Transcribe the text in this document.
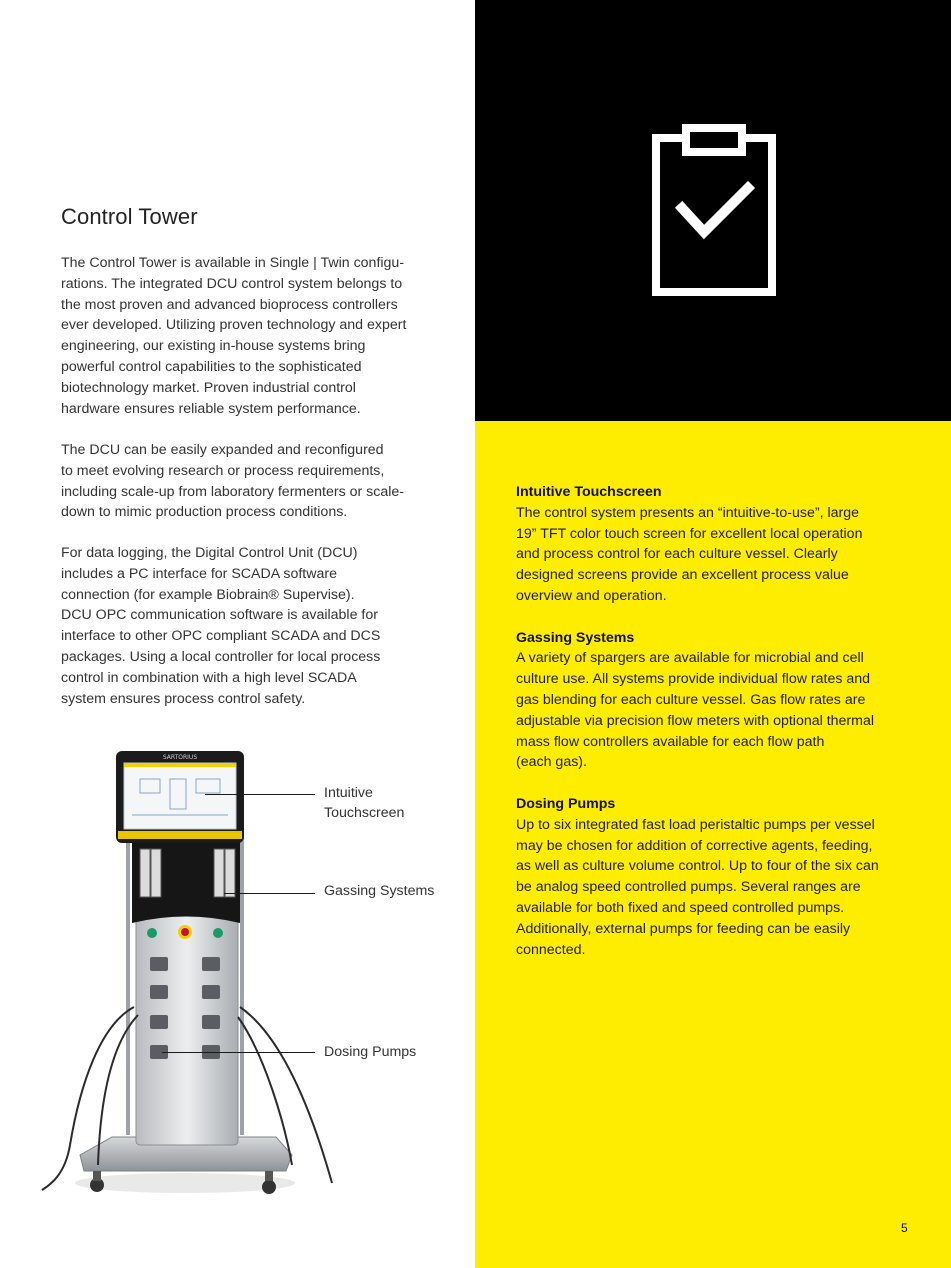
Control Tower

The Control Tower is available in Single | Twin configu-
rations. The integrated DCU control system belongs to
the most proven and advanced bioprocess controllers
ever developed. Utilizing proven technology and expert
engineering, our existing in-house systems bring
powerful control capabilities to the sophisticated
biotechnology market. Proven industrial control
hardware ensures reliable system performance.

The DCU can be easily expanded and reconfigured
to meet evolving research or process requirements,
including scale-up from laboratory fermenters or scale-
down to mimic production process conditions.

For data logging, the Digital Control Unit (DCU)
includes a PC interface for SCADA software
connection (for example Biobrain® Supervise).
DCU OPC communication software is available for
interface to other OPC compliant SCADA and DCS
packages. Using a local controller for local process
control in combination with a high level SCADA
system ensures process control safety.

SARTORIUS

Intuitive
Touchscreen

Gassing Systems

Dosing Pumps

Intuitive Touchscreen

The control system presents an “intuitive-to-use”, large
19” TFT color touch screen for excellent local operation
and process control for each culture vessel. Clearly
designed screens provide an excellent process value
overview and operation.

Gassing Systems

A variety of spargers are available for microbial and cell
culture use. All systems provide individual flow rates and
gas blending for each culture vessel. Gas flow rates are
adjustable via precision flow meters with optional thermal
mass flow controllers available for each flow path
(each gas).

Dosing Pumps

Up to six integrated fast load peristaltic pumps per vessel
may be chosen for addition of corrective agents, feeding,
as well as culture volume control. Up to four of the six can
be analog speed controlled pumps. Several ranges are
available for both fixed and speed controlled pumps.
Additionally, external pumps for feeding can be easily
connected.

5
